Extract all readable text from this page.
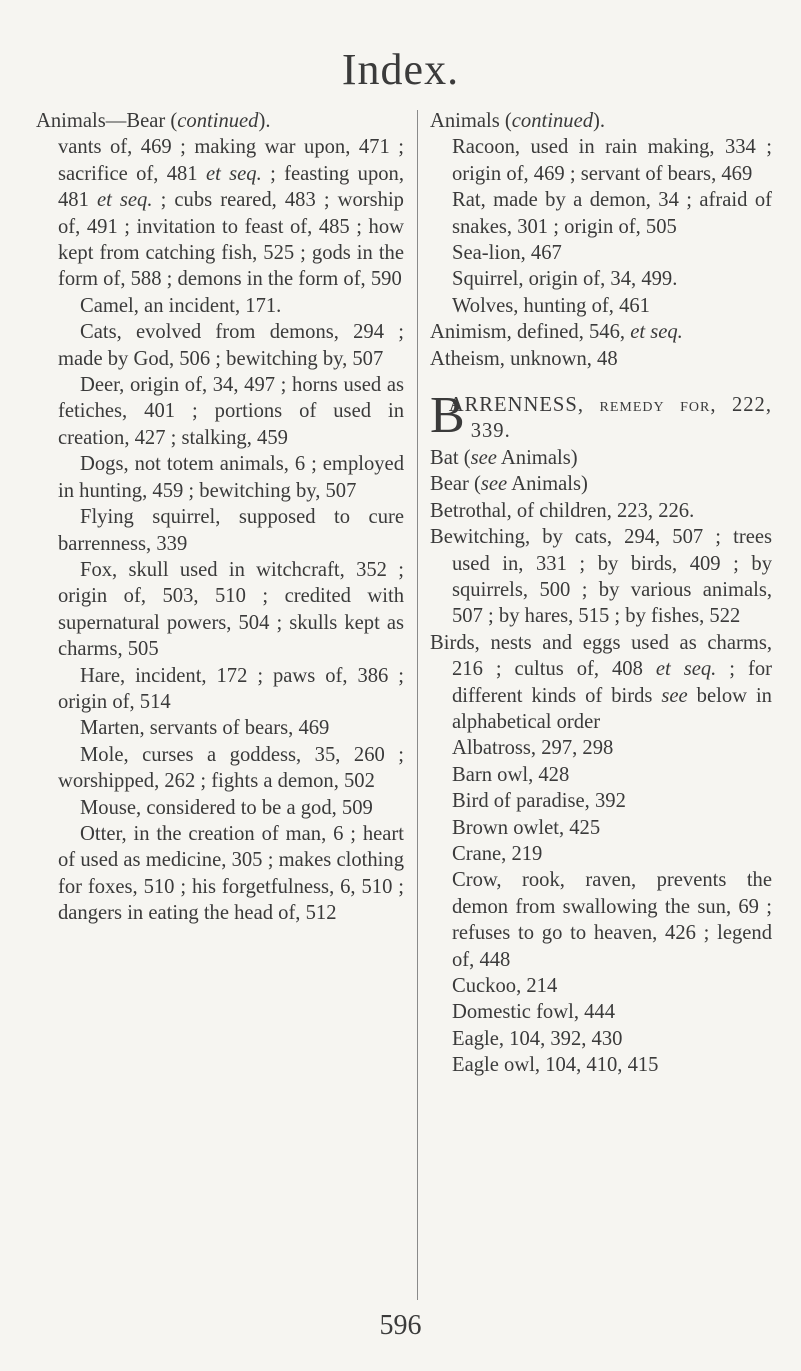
Index.

Animals—Bear (continued).

vants of, 469 ; making war upon, 471 ; sacrifice of, 481 et seq. ; feasting upon, 481 et seq. ; cubs reared, 483 ; worship of, 491 ; invitation to feast of, 485 ; how kept from catching fish, 525 ; gods in the form of, 588 ; demons in the form of, 590

Camel, an incident, 171.

Cats, evolved from demons, 294 ; made by God, 506 ; bewitching by, 507

Deer, origin of, 34, 497 ; horns used as fetiches, 401 ; portions of used in creation, 427 ; stalking, 459

Dogs, not totem animals, 6 ; employed in hunting, 459 ; bewitching by, 507

Flying squirrel, supposed to cure barrenness, 339

Fox, skull used in witchcraft, 352 ; origin of, 503, 510 ; credited with supernatural powers, 504 ; skulls kept as charms, 505

Hare, incident, 172 ; paws of, 386 ; origin of, 514

Marten, servants of bears, 469

Mole, curses a goddess, 35, 260 ; worshipped, 262 ; fights a demon, 502

Mouse, considered to be a god, 509

Otter, in the creation of man, 6 ; heart of used as medicine, 305 ; makes clothing for foxes, 510 ; his forgetfulness, 6, 510 ; dangers in eating the head of, 512

Animals (continued).

Racoon, used in rain making, 334 ; origin of, 469 ; servant of bears, 469

Rat, made by a demon, 34 ; afraid of snakes, 301 ; origin of, 505

Sea-lion, 467

Squirrel, origin of, 34, 499.

Wolves, hunting of, 461

Animism, defined, 546, et seq.

Atheism, unknown, 48

B
ARRENNESS, remedy for, 222, 339.

Bat (see Animals)

Bear (see Animals)

Betrothal, of children, 223, 226.

Bewitching, by cats, 294, 507 ; trees used in, 331 ; by birds, 409 ; by squirrels, 500 ; by various animals, 507 ; by hares, 515 ; by fishes, 522

Birds, nests and eggs used as charms, 216 ; cultus of, 408 et seq. ; for different kinds of birds see below in alphabetical order

Albatross, 297, 298

Barn owl, 428

Bird of paradise, 392

Brown owlet, 425

Crane, 219

Crow, rook, raven, prevents the demon from swallowing the sun, 69 ; refuses to go to heaven, 426 ; legend of, 448

Cuckoo, 214

Domestic fowl, 444

Eagle, 104, 392, 430

Eagle owl, 104, 410, 415

596
